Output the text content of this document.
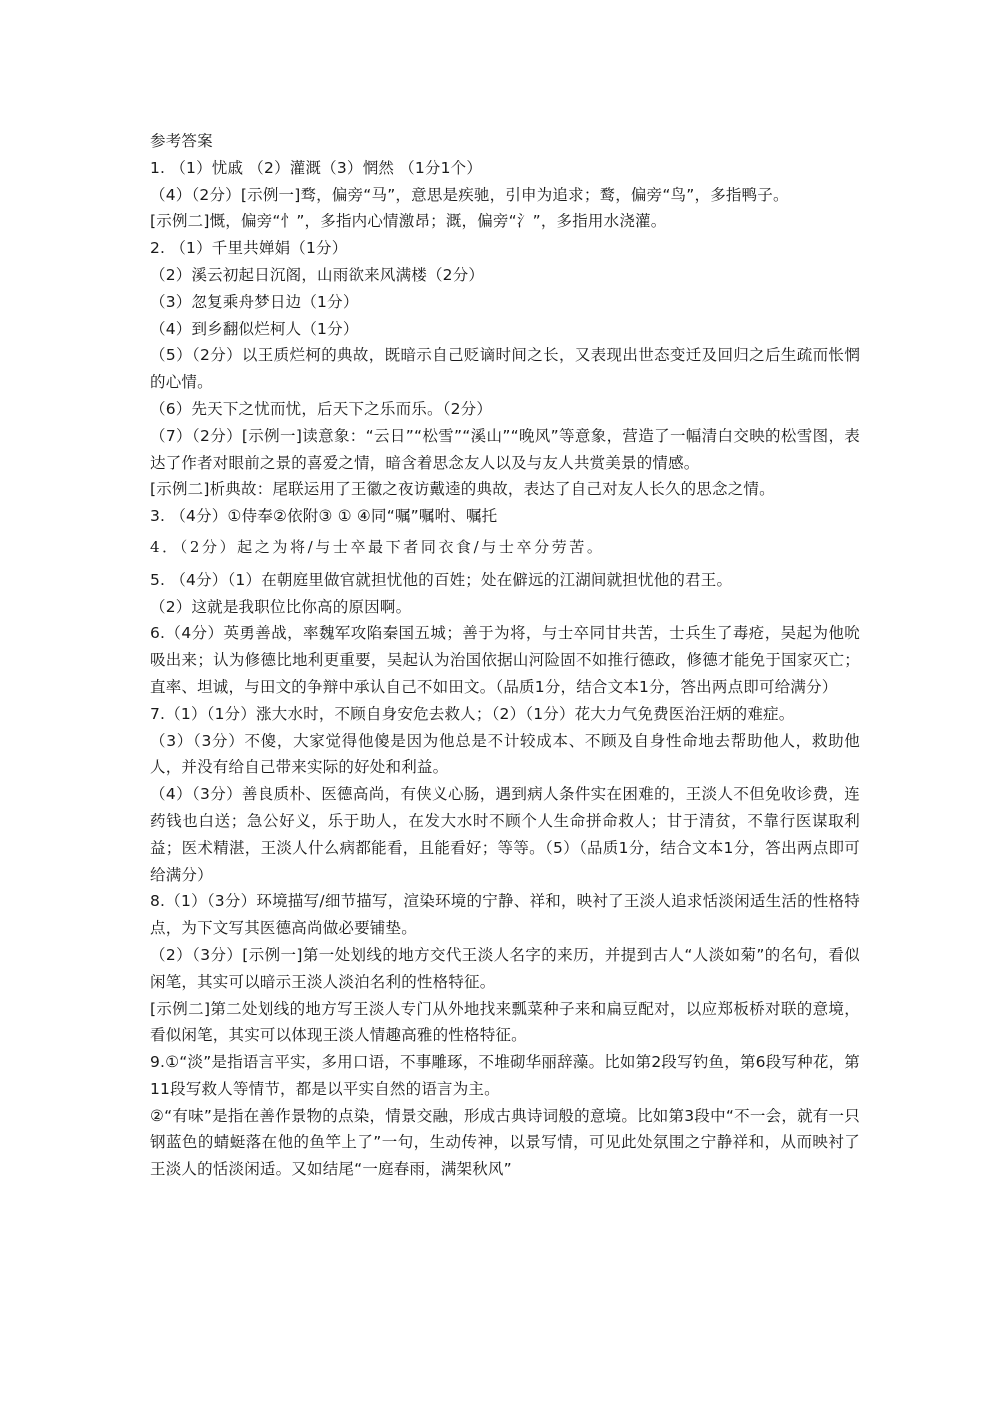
参考答案

1. （1）忧戚 （2）灌溉（3）惘然 （1分1个）

（4）（2分）[示例一]骛，偏旁“马”，意思是疾驰，引申为追求；鹜，偏旁“鸟”，多指鸭子。

[示例二]慨，偏旁“忄”，多指内心情激昂；溉，偏旁“氵”，多指用水浇灌。

2. （1）千里共婵娟（1分）

（2）溪云初起日沉阁，山雨欲来风满楼（2分）

（3）忽复乘舟梦日边（1分）

（4）到乡翻似烂柯人（1分）

（5）（2分）以王质烂柯的典故，既暗示自己贬谪时间之长，又表现出世态变迁及回归之后生疏而怅惘的心情。

（6）先天下之忧而忧，后天下之乐而乐。（2分）

（7）（2分）[示例一]读意象：“云日”“松雪”“溪山”“晚风”等意象，营造了一幅清白交映的松雪图，表达了作者对眼前之景的喜爱之情，暗含着思念友人以及与友人共赏美景的情感。

[示例二]析典故：尾联运用了王徽之夜访戴逵的典故，表达了自己对友人长久的思念之情。

3. （4分）①侍奉②依附③ ① ④同“嘱”嘱咐、嘱托

4．（2分）起之为将/与士卒最下者同衣食/与士卒分劳苦。

5. （4分）（1）在朝庭里做官就担忧他的百姓；处在僻远的江湖间就担忧他的君王。

（2）这就是我职位比你高的原因啊。

6.（4分）英勇善战，率魏军攻陷秦国五城；善于为将，与士卒同甘共苦，士兵生了毒疮，吴起为他吮吸出来；认为修德比地利更重要，吴起认为治国依据山河险固不如推行德政，修德才能免于国家灭亡；直率、坦诚，与田文的争辩中承认自己不如田文。（品质1分，结合文本1分，答出两点即可给满分）

7.（1）（1分）涨大水时，不顾自身安危去救人；（2）（1分）花大力气免费医治汪炳的难症。

（3）（3分）不傻，大家觉得他傻是因为他总是不计较成本、不顾及自身性命地去帮助他人，救助他人，并没有给自己带来实际的好处和利益。

（4）（3分）善良质朴、医德高尚，有侠义心肠，遇到病人条件实在困难的，王淡人不但免收诊费，连药钱也白送；急公好义，乐于助人，在发大水时不顾个人生命拼命救人；甘于清贫，不靠行医谋取利益；医术精湛，王淡人什么病都能看，且能看好；等等。（5）（品质1分，结合文本1分，答出两点即可给满分）

8.（1）（3分）环境描写/细节描写，渲染环境的宁静、祥和，映衬了王淡人追求恬淡闲适生活的性格特点，为下文写其医德高尚做必要铺垫。

（2）（3分）[示例一]第一处划线的地方交代王淡人名字的来历，并提到古人“人淡如菊”的名句，看似闲笔，其实可以暗示王淡人淡泊名利的性格特征。

[示例二]第二处划线的地方写王淡人专门从外地找来瓢菜种子来和扁豆配对，以应郑板桥对联的意境，看似闲笔，其实可以体现王淡人情趣高雅的性格特征。

9.①“淡”是指语言平实，多用口语，不事雕琢，不堆砌华丽辞藻。比如第2段写钓鱼，第6段写种花，第11段写救人等情节，都是以平实自然的语言为主。

②“有味”是指在善作景物的点染，情景交融，形成古典诗词般的意境。比如第3段中“不一会，就有一只钢蓝色的蜻蜓落在他的鱼竿上了”一句，生动传神，以景写情，可见此处氛围之宁静祥和，从而映衬了王淡人的恬淡闲适。又如结尾“一庭春雨，满架秋风”
